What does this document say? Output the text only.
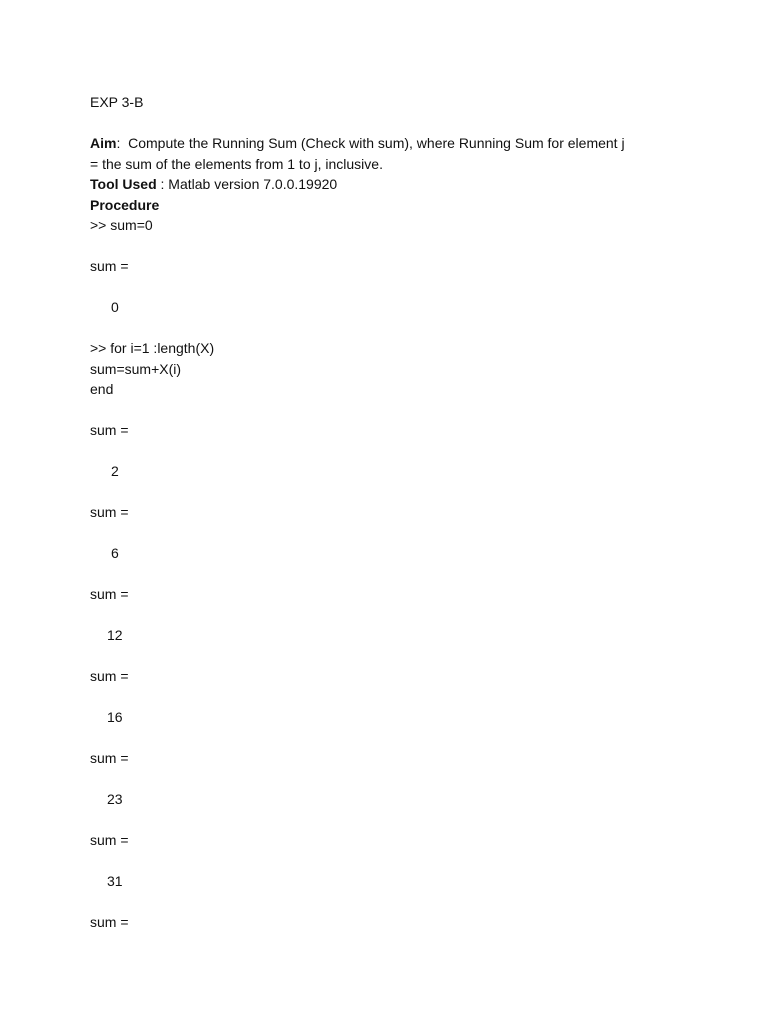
EXP 3-B
Aim:  Compute the Running Sum (Check with sum), where Running Sum for element j
= the sum of the elements from 1 to j, inclusive.
Tool Used : Matlab version 7.0.0.19920
Procedure
>> sum=0
sum =
0
>> for i=1 :length(X)
sum=sum+X(i)
end
sum =
2
sum =
6
sum =
12
sum =
16
sum =
23
sum =
31
sum =
